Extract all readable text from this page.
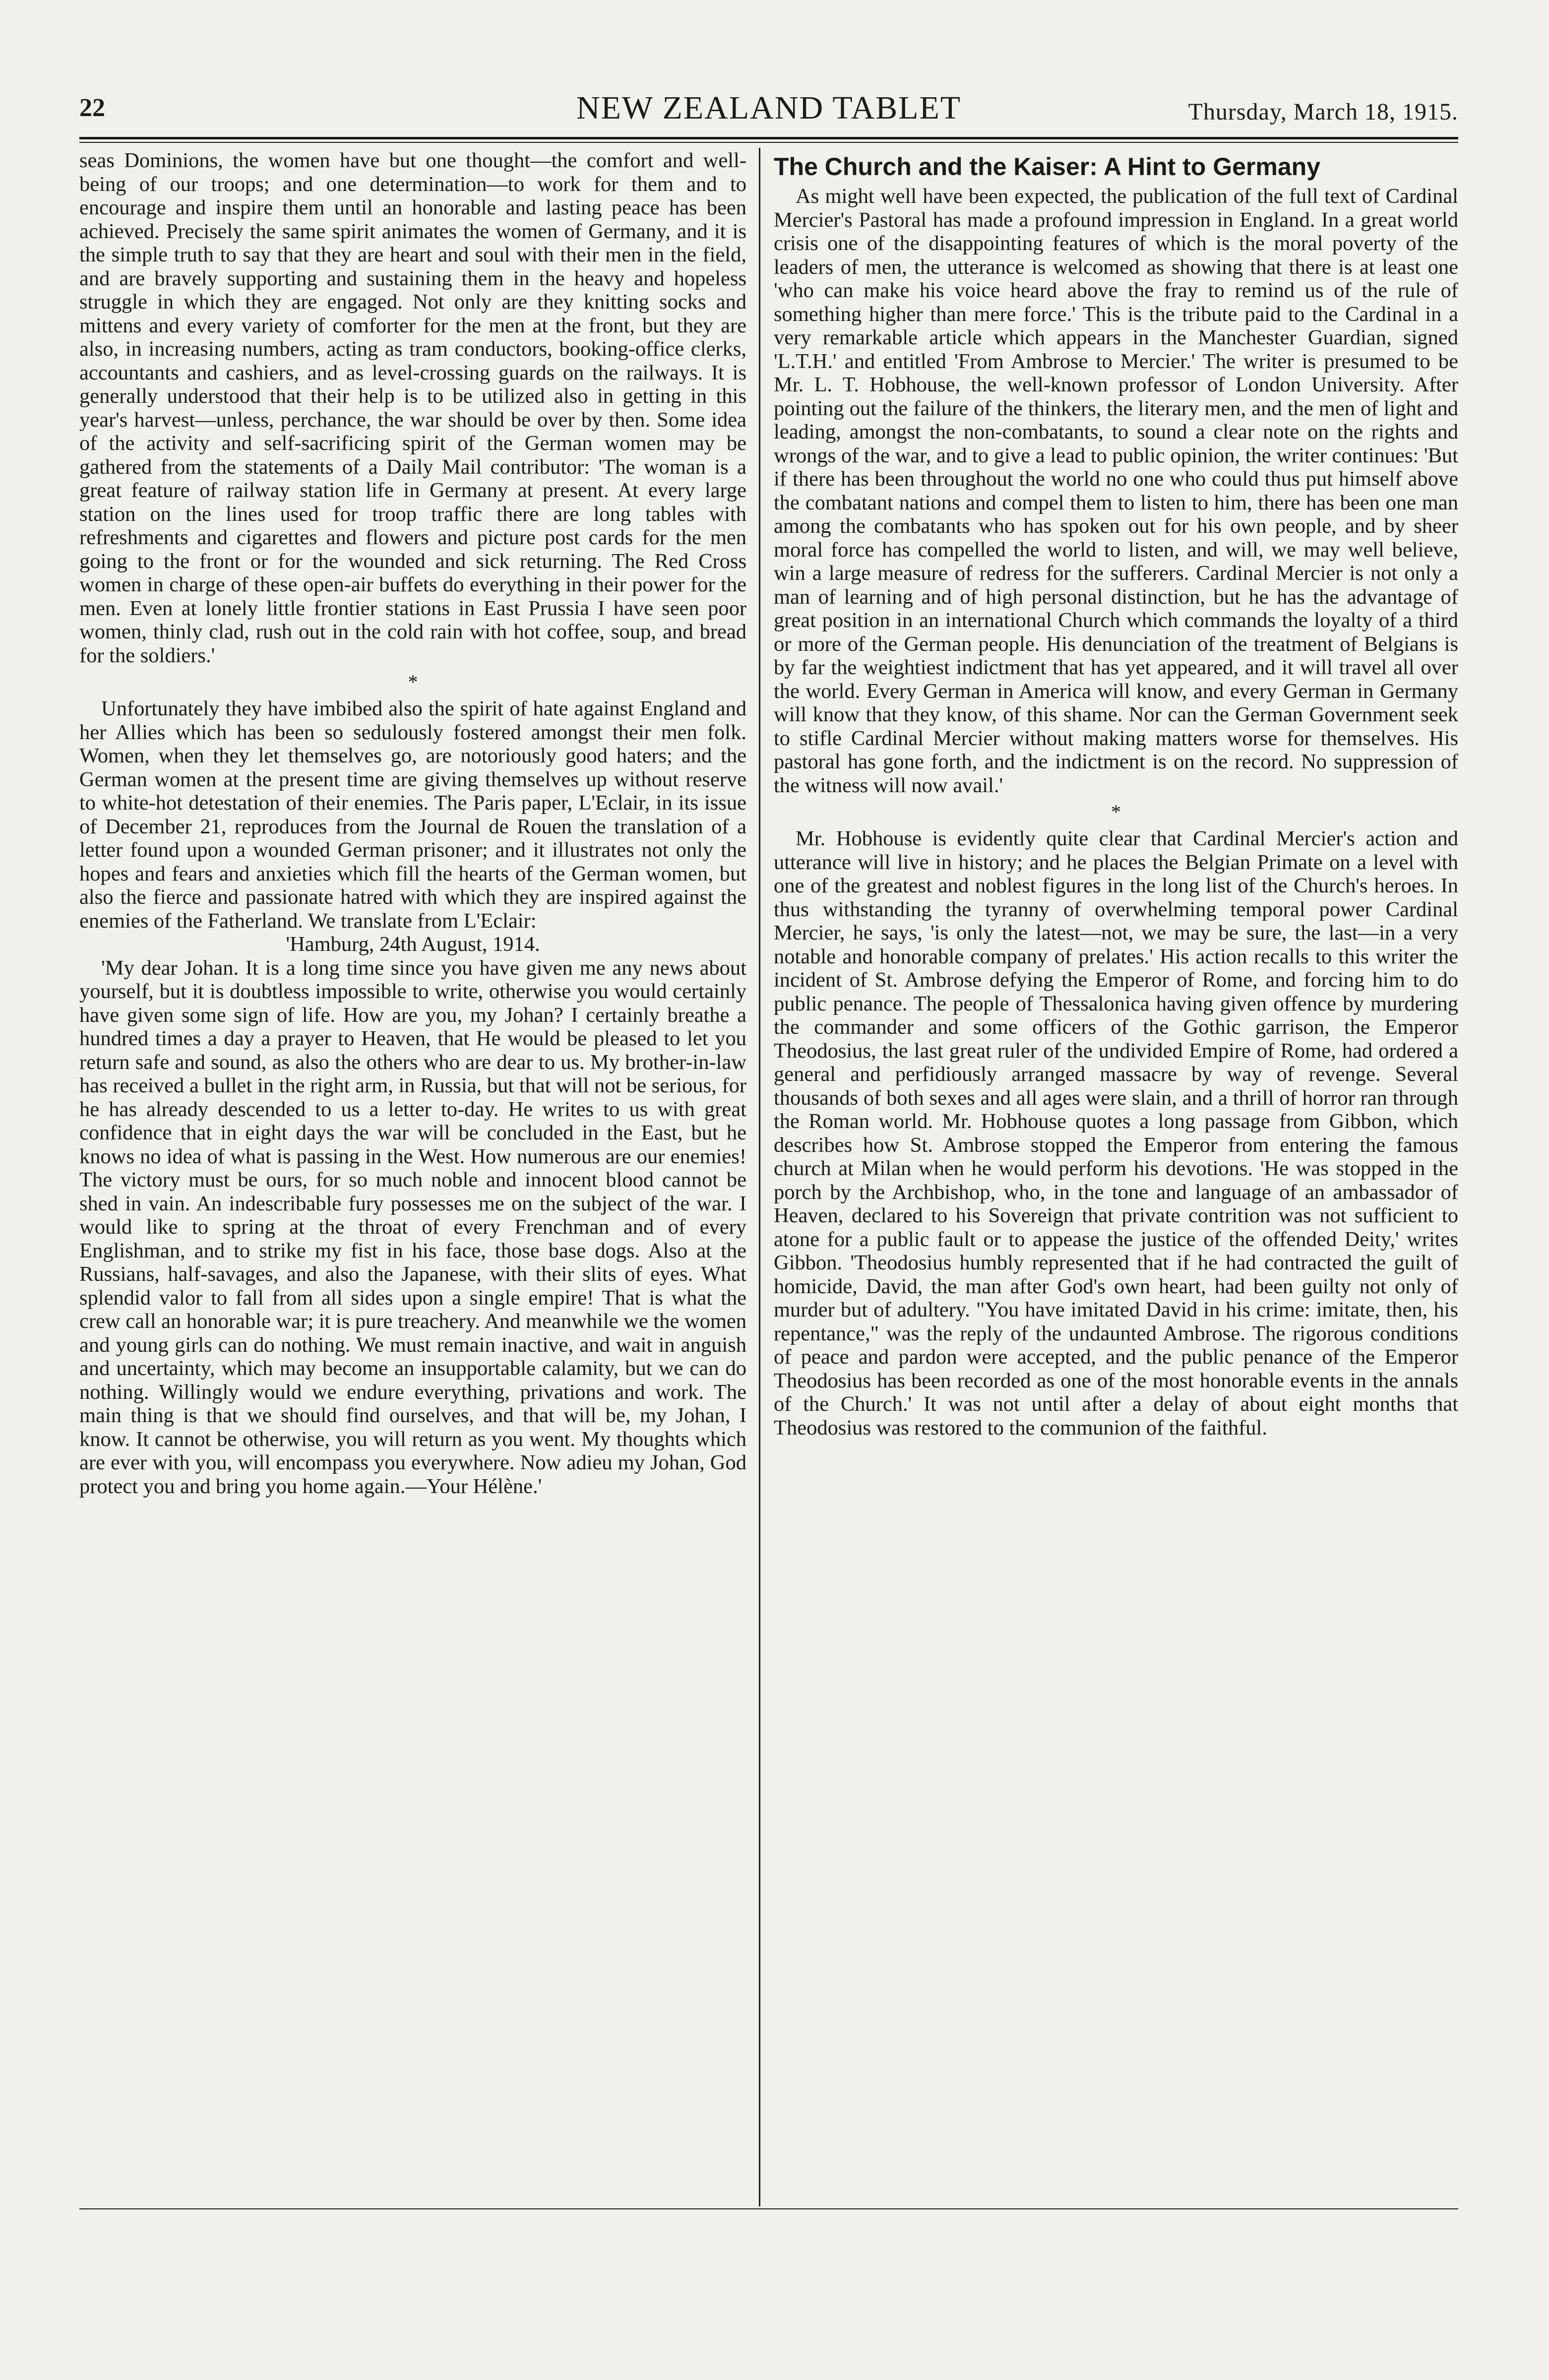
22	NEW ZEALAND TABLET	Thursday, March 18, 1915.

seas Dominions, the women have but one thought—the comfort and well-being of our troops; and one determination—to work for them and to encourage and inspire them until an honorable and lasting peace has been achieved. Precisely the same spirit animates the women of Germany, and it is the simple truth to say that they are heart and soul with their men in the field, and are bravely supporting and sustaining them in the heavy and hopeless struggle in which they are engaged. Not only are they knitting socks and mittens and every variety of comforter for the men at the front, but they are also, in increasing numbers, acting as tram conductors, booking-office clerks, accountants and cashiers, and as level-crossing guards on the railways. It is generally understood that their help is to be utilized also in getting in this year's harvest—unless, perchance, the war should be over by then. Some idea of the activity and self-sacrificing spirit of the German women may be gathered from the statements of a Daily Mail contributor: 'The woman is a great feature of railway station life in Germany at present. At every large station on the lines used for troop traffic there are long tables with refreshments and cigarettes and flowers and picture post cards for the men going to the front or for the wounded and sick returning. The Red Cross women in charge of these open-air buffets do everything in their power for the men. Even at lonely little frontier stations in East Prussia I have seen poor women, thinly clad, rush out in the cold rain with hot coffee, soup, and bread for the soldiers.'

*

Unfortunately they have imbibed also the spirit of hate against England and her Allies which has been so sedulously fostered amongst their men folk. Women, when they let themselves go, are notoriously good haters; and the German women at the present time are giving themselves up without reserve to white-hot detestation of their enemies. The Paris paper, L'Eclair, in its issue of December 21, reproduces from the Journal de Rouen the translation of a letter found upon a wounded German prisoner; and it illustrates not only the hopes and fears and anxieties which fill the hearts of the German women, but also the fierce and passionate hatred with which they are inspired against the enemies of the Fatherland. We translate from L'Eclair:

'Hamburg, 24th August, 1914.

'My dear Johan. It is a long time since you have given me any news about yourself, but it is doubtless impossible to write, otherwise you would certainly have given some sign of life. How are you, my Johan? I certainly breathe a hundred times a day a prayer to Heaven, that He would be pleased to let you return safe and sound, as also the others who are dear to us. My brother-in-law has received a bullet in the right arm, in Russia, but that will not be serious, for he has already descended to us a letter to-day. He writes to us with great confidence that in eight days the war will be concluded in the East, but he knows no idea of what is passing in the West. How numerous are our enemies! The victory must be ours, for so much noble and innocent blood cannot be shed in vain. An indescribable fury possesses me on the subject of the war. I would like to spring at the throat of every Frenchman and of every Englishman, and to strike my fist in his face, those base dogs. Also at the Russians, half-savages, and also the Japanese, with their slits of eyes. What splendid valor to fall from all sides upon a single empire! That is what the crew call an honorable war; it is pure treachery. And meanwhile we the women and young girls can do nothing. We must remain inactive, and wait in anguish and uncertainty, which may become an insupportable calamity, but we can do nothing. Willingly would we endure everything, privations and work. The main thing is that we should find ourselves, and that will be, my Johan, I know. It cannot be otherwise, you will return as you went. My thoughts which are ever with you, will encompass you everywhere. Now adieu my Johan, God protect you and bring you home again.—Your Hélène.'

The Church and the Kaiser: A Hint to Germany

As might well have been expected, the publication of the full text of Cardinal Mercier's Pastoral has made a profound impression in England. In a great world crisis one of the disappointing features of which is the moral poverty of the leaders of men, the utterance is welcomed as showing that there is at least one 'who can make his voice heard above the fray to remind us of the rule of something higher than mere force.' This is the tribute paid to the Cardinal in a very remarkable article which appears in the Manchester Guardian, signed 'L.T.H.' and entitled 'From Ambrose to Mercier.' The writer is presumed to be Mr. L. T. Hobhouse, the well-known professor of London University. After pointing out the failure of the thinkers, the literary men, and the men of light and leading, amongst the non-combatants, to sound a clear note on the rights and wrongs of the war, and to give a lead to public opinion, the writer continues: 'But if there has been throughout the world no one who could thus put himself above the combatant nations and compel them to listen to him, there has been one man among the combatants who has spoken out for his own people, and by sheer moral force has compelled the world to listen, and will, we may well believe, win a large measure of redress for the sufferers. Cardinal Mercier is not only a man of learning and of high personal distinction, but he has the advantage of great position in an international Church which commands the loyalty of a third or more of the German people. His denunciation of the treatment of Belgians is by far the weightiest indictment that has yet appeared, and it will travel all over the world. Every German in America will know, and every German in Germany will know that they know, of this shame. Nor can the German Government seek to stifle Cardinal Mercier without making matters worse for themselves. His pastoral has gone forth, and the indictment is on the record. No suppression of the witness will now avail.'

*

Mr. Hobhouse is evidently quite clear that Cardinal Mercier's action and utterance will live in history; and he places the Belgian Primate on a level with one of the greatest and noblest figures in the long list of the Church's heroes. In thus withstanding the tyranny of overwhelming temporal power Cardinal Mercier, he says, 'is only the latest—not, we may be sure, the last—in a very notable and honorable company of prelates.' His action recalls to this writer the incident of St. Ambrose defying the Emperor of Rome, and forcing him to do public penance. The people of Thessalonica having given offence by murdering the commander and some officers of the Gothic garrison, the Emperor Theodosius, the last great ruler of the undivided Empire of Rome, had ordered a general and perfidiously arranged massacre by way of revenge. Several thousands of both sexes and all ages were slain, and a thrill of horror ran through the Roman world. Mr. Hobhouse quotes a long passage from Gibbon, which describes how St. Ambrose stopped the Emperor from entering the famous church at Milan when he would perform his devotions. 'He was stopped in the porch by the Archbishop, who, in the tone and language of an ambassador of Heaven, declared to his Sovereign that private contrition was not sufficient to atone for a public fault or to appease the justice of the offended Deity,' writes Gibbon. 'Theodosius humbly represented that if he had contracted the guilt of homicide, David, the man after God's own heart, had been guilty not only of murder but of adultery. "You have imitated David in his crime: imitate, then, his repentance," was the reply of the undaunted Ambrose. The rigorous conditions of peace and pardon were accepted, and the public penance of the Emperor Theodosius has been recorded as one of the most honorable events in the annals of the Church.' It was not until after a delay of about eight months that Theodosius was restored to the communion of the faithful.
